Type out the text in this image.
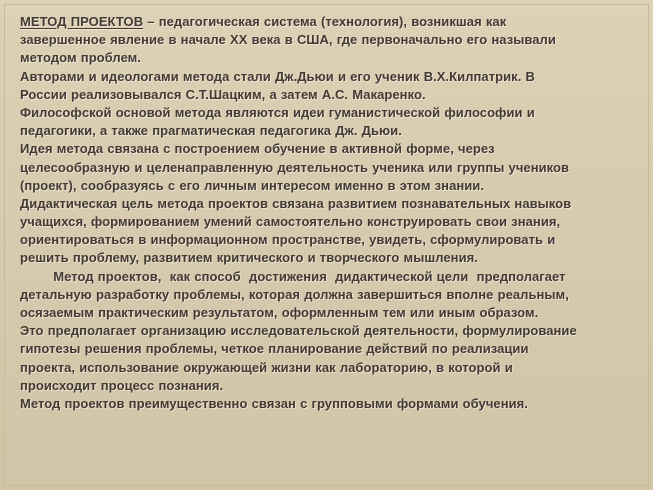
МЕТОД ПРОЕКТОВ – педагогическая система (технология), возникшая как
завершенное явление в начале XX века в США, где первоначально его называли
методом проблем.
Авторами и идеологами метода стали Дж.Дьюи и его ученик В.Х.Килпатрик. В
России реализовывался С.Т.Шацким, а затем А.С. Макаренко.
Философской основой метода являются идеи гуманистической философии и
педагогики, а также прагматическая педагогика Дж. Дьюи.
Идея метода связана с построением обучение в активной форме, через
целесообразную и целенаправленную деятельность ученика или группы учеников
(проект), сообразуясь с его личным интересом именно в этом знании.
Дидактическая цель метода проектов связана развитием познавательных навыков
учащихся, формированием умений самостоятельно конструировать свои знания,
ориентироваться в информационном пространстве, увидеть, сформулировать и
решить проблему, развитием критического и творческого мышления.
Метод проектов,  как способ  достижения  дидактической цели  предполагает
детальную разработку проблемы, которая должна завершиться вполне реальным,
осязаемым практическим результатом, оформленным тем или иным образом.
Это предполагает организацию исследовательской деятельности, формулирование
гипотезы решения проблемы, четкое планирование действий по реализации
проекта, использование окружающей жизни как лабораторию, в которой и
происходит процесс познания.
Метод проектов преимущественно связан с групповыми формами обучения.
